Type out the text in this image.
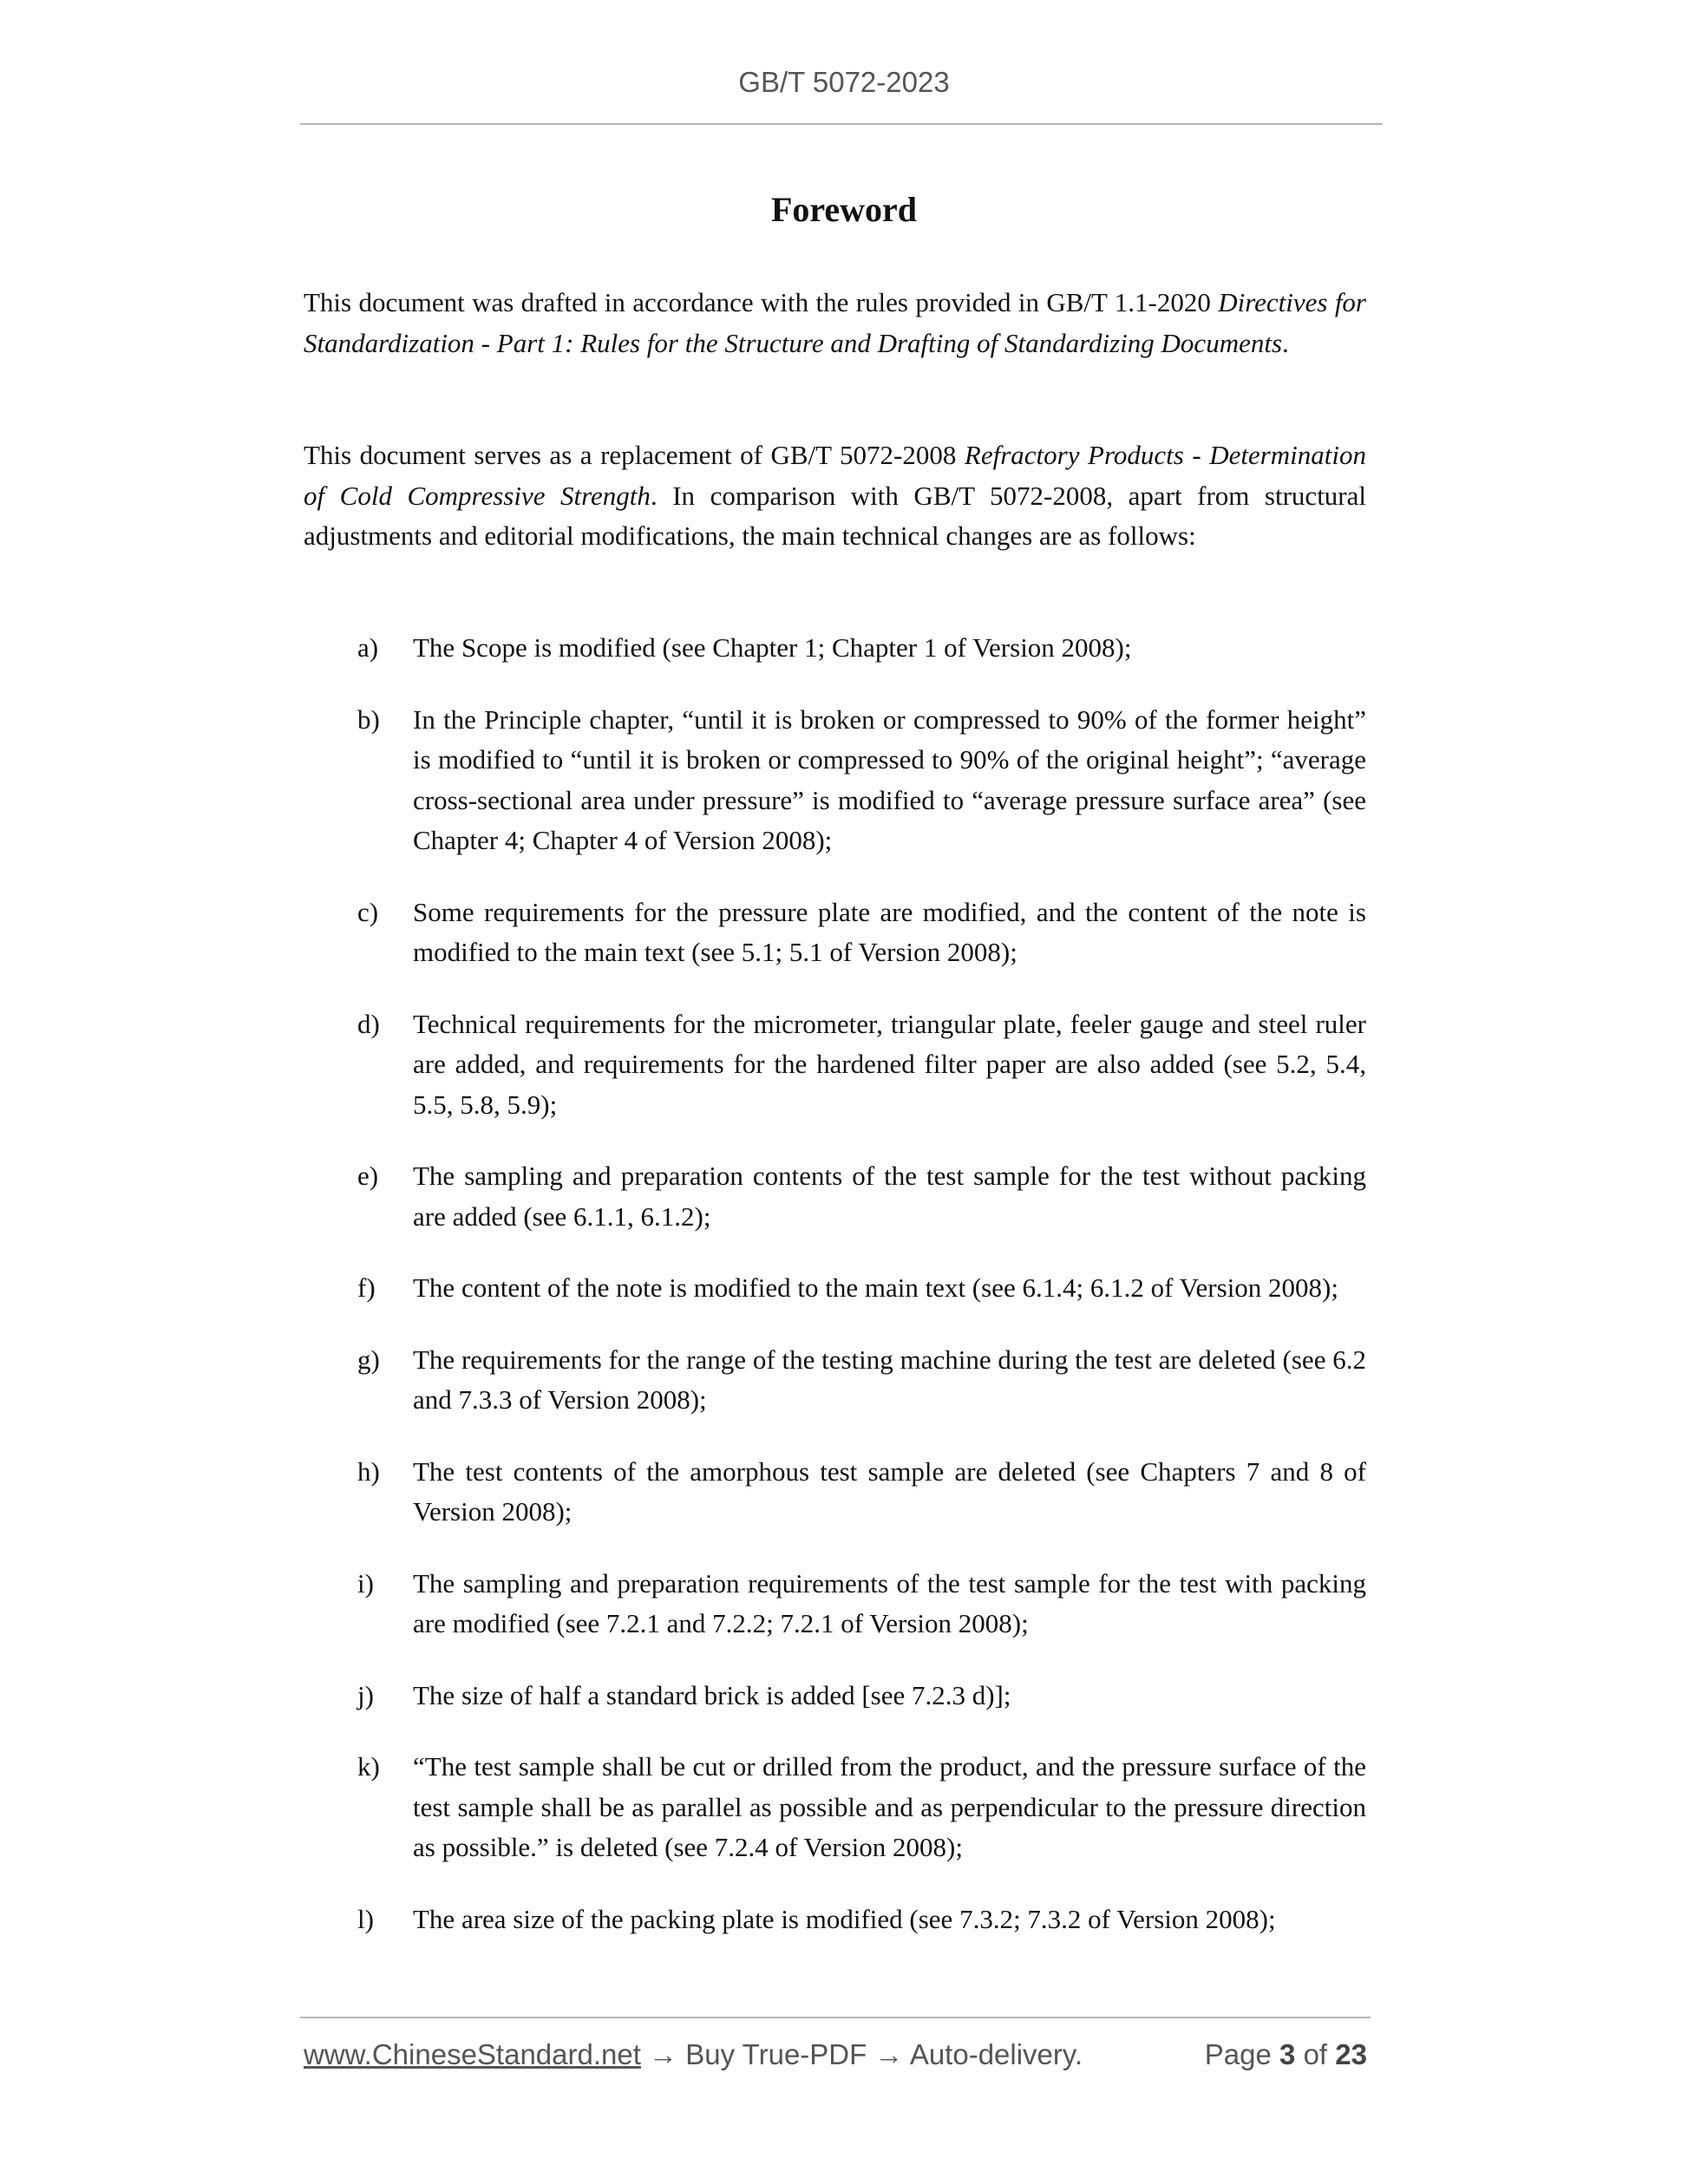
GB/T 5072-2023
Foreword

This document was drafted in accordance with the rules provided in GB/T 1.1-2020 Directives for Standardization - Part 1: Rules for the Structure and Drafting of Standardizing Documents.

This document serves as a replacement of GB/T 5072-2008 Refractory Products - Determination of Cold Compressive Strength. In comparison with GB/T 5072-2008, apart from structural adjustments and editorial modifications, the main technical changes are as follows:

a) The Scope is modified (see Chapter 1; Chapter 1 of Version 2008);
b) In the Principle chapter, “until it is broken or compressed to 90% of the former height” is modified to “until it is broken or compressed to 90% of the original height”; “average cross-sectional area under pressure” is modified to “average pressure surface area” (see Chapter 4; Chapter 4 of Version 2008);
c) Some requirements for the pressure plate are modified, and the content of the note is modified to the main text (see 5.1; 5.1 of Version 2008);
d) Technical requirements for the micrometer, triangular plate, feeler gauge and steel ruler are added, and requirements for the hardened filter paper are also added (see 5.2, 5.4, 5.5, 5.8, 5.9);
e) The sampling and preparation contents of the test sample for the test without packing are added (see 6.1.1, 6.1.2);
f) The content of the note is modified to the main text (see 6.1.4; 6.1.2 of Version 2008);
g) The requirements for the range of the testing machine during the test are deleted (see 6.2 and 7.3.3 of Version 2008);
h) The test contents of the amorphous test sample are deleted (see Chapters 7 and 8 of Version 2008);
i) The sampling and preparation requirements of the test sample for the test with packing are modified (see 7.2.1 and 7.2.2; 7.2.1 of Version 2008);
j) The size of half a standard brick is added [see 7.2.3 d)];
k) “The test sample shall be cut or drilled from the product, and the pressure surface of the test sample shall be as parallel as possible and as perpendicular to the pressure direction as possible.” is deleted (see 7.2.4 of Version 2008);
l) The area size of the packing plate is modified (see 7.3.2; 7.3.2 of Version 2008);
www.ChineseStandard.net → Buy True-PDF → Auto-delivery.	Page 3 of 23
